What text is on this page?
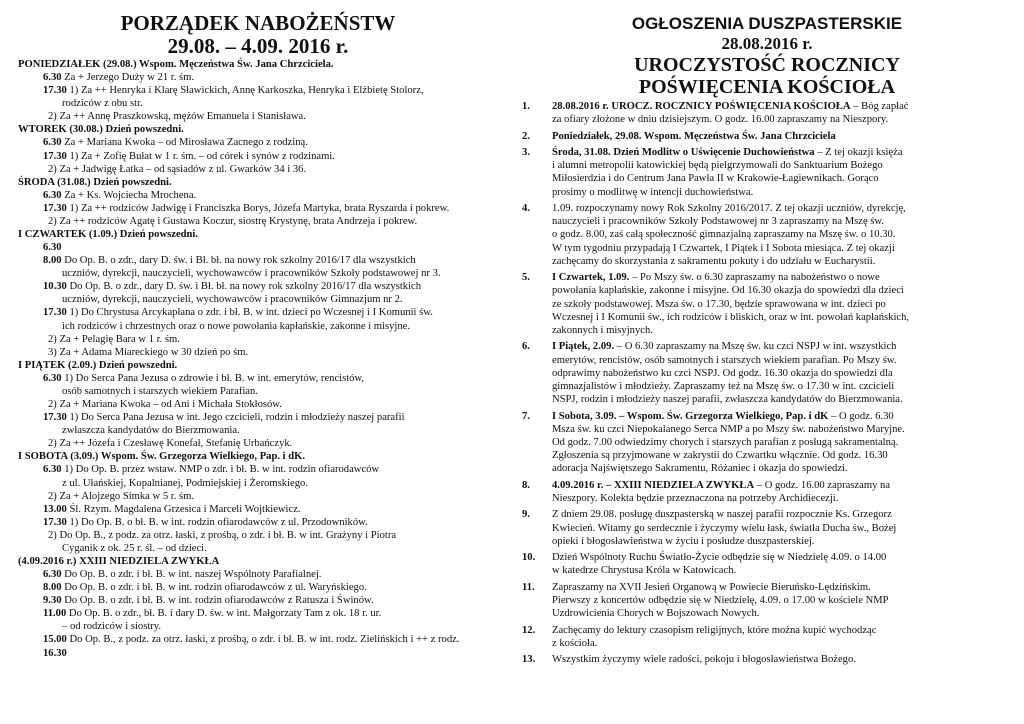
PORZĄDEK NABOŻEŃSTW
29.08. – 4.09. 2016 r.
PONIEDZIAŁEK (29.08.) Wspom. Męczeństwa Św. Jana Chrzciciela.
6.30 Za + Jerzego Duży w 21 r. śm.
17.30 1) Za ++ Henryka i Klarę Sławickich, Annę Karkoszka, Henryka i Elżbietę Stolorz,
rodziców z obu str.
2) Za ++ Annę Praszkowską, mężów Emanuela i Stanisława.
WTOREK (30.08.) Dzień powszedni.
6.30 Za + Mariana Kwoka – od Mirosława Zacnego z rodziną.
17.30 1) Za + Zofię Bułat w 1 r. śm. – od córek i synów z rodzinami.
2) Za + Jadwigę Łatka – od sąsiadów z ul. Gwarków 34 i 36.
ŚRODA (31.08.) Dzień powszedni.
6.30 Za + Ks. Wojciecha Mrochena.
17.30 1) Za ++ rodziców Jadwigę i Franciszka Borys, Józefa Martyka, brata Ryszarda i pokrew.
2) Za ++ rodziców Agatę i Gustawa Koczur, siostrę Krystynę, brata Andrzeja i pokrew.
I CZWARTEK (1.09.) Dzień powszedni.
6.30
8.00 Do Op. B. o zdr., dary D. św. i Bł. bł. na nowy rok szkolny 2016/17 dla wszystkich
uczniów, dyrekcji, nauczycieli, wychowawców i pracowników Szkoły podstawowej nr 3.
10.30 Do Op. B. o zdr., dary D. św. i Bł. bł. na nowy rok szkolny 2016/17 dla wszystkich
uczniów, dyrekcji, nauczycieli, wychowawców i pracowników Gimnazjum nr 2.
17.30 1) Do Chrystusa Arcykapłana o zdr. i bł. B. w int. dzieci po Wczesnej i I Komunii św.
ich rodziców i chrzestnych oraz o nowe powołania kapłańskie, zakonne i misyjne.
2) Za + Pelagię Bara w 1 r. śm.
3) Za + Adama Miareckiego w 30 dzień po śm.
I PIĄTEK (2.09.) Dzień powszedni.
6.30 1) Do Serca Pana Jezusa o zdrowie i bł. B. w int. emerytów, rencistów,
osób samotnych i starszych wiekiem Parafian.
2) Za + Mariana Kwoka – od Ani i Michała Stokłosów.
17.30 1) Do Serca Pana Jezusa w int. Jego czcicieli, rodzin i młodzieży naszej parafii
zwłaszcza kandydatów do Bierzmowania.
2) Za ++ Józefa i Czesławę Konefał, Stefanię Urbańczyk.
I SOBOTA (3.09.) Wspom. Św. Grzegorza Wielkiego, Pap. i dK.
6.30 1) Do Op. B. przez wstaw. NMP o zdr. i bł. B. w int. rodzin ofiarodawców
z ul. Ułańskiej, Kopalnianej, Podmiejskiej i Żeromskiego.
2) Za + Alojzego Simka w 5 r. śm.
13.00 Śl. Rzym. Magdalena Grzesica i Marceli Wojtkiewicz.
17.30 1) Do Op. B. o bł. B. w int. rodzin ofiarodawców z ul. Przodowników.
2) Do Op. B., z podz. za otrz. łaski, z prośbą, o zdr. i bł. B. w int. Grażyny i Piotra
Cyganik z ok. 25 r. śl. – od dzieci.
(4.09.2016 r.) XXIII NIEDZIELA ZWYKŁA
6.30 Do Op. B. o zdr. i bł. B. w int. naszej Wspólnoty Parafialnej.
8.00 Do Op. B. o zdr. i bł. B. w int. rodzin ofiarodawców z ul. Waryńskiego.
9.30 Do Op. B. o zdr. i bł. B. w int. rodzin ofiarodawców z Ratusza i Świnów.
11.00 Do Op. B. o zdr., bł. B. i dary D. św. w int. Małgorzaty Tam z ok. 18 r. ur.
– od rodziców i siostry.
15.00 Do Op. B., z podz. za otrz. łaski, z prośbą, o zdr. i bł. B. w int. rodz. Zielińskich i ++ z rodz.
16.30
OGŁOSZENIA DUSZPASTERSKIE
28.08.2016 r.
UROCZYSTOŚĆ ROCZNICY
POŚWIĘCENIA KOŚCIOŁA
1.	28.08.2016 r. UROCZ. ROCZNICY POŚWIĘCENIA KOŚCIOŁA – Bóg zapłać
za ofiary złożone w dniu dzisiejszym. O godz. 16.00 zapraszamy na Nieszpory.
2.	Poniedziałek, 29.08. Wspom. Męczeństwa Św. Jana Chrzciciela
3.	Środa, 31.08. Dzień Modlitw o Uświęcenie Duchowieństwa – Z tej okazji księża
i alumni metropolii katowickiej będą pielgrzymowali do Sanktuarium Bożego
Miłosierdzia i do Centrum Jana Pawła II w Krakowie-Łagiewnikach. Gorąco
prosimy o modlitwę w intencji duchowieństwa.
4.	1.09. rozpoczynamy nowy Rok Szkolny 2016/2017. Z tej okazji uczniów, dyrekcję,
nauczycieli i pracowników Szkoły Podstawowej nr 3 zapraszamy na Mszę św.
o godz. 8.00, zaś całą społeczność gimnazjalną zapraszamy na Mszę św. o 10.30.
W tym tygodniu przypadają I Czwartek, I Piątek i I Sobota miesiąca. Z tej okazji
zachęcamy do skorzystania z sakramentu pokuty i do udziału w Eucharystii.
5.	I Czwartek, 1.09. – Po Mszy św. o 6.30 zapraszamy na nabożeństwo o nowe
powołania kapłańskie, zakonne i misyjne. Od 16.30 okazja do spowiedzi dla dzieci
ze szkoły podstawowej. Msza św. o 17.30, będzie sprawowana w int. dzieci po
Wczesnej i I Komunii św., ich rodziców i bliskich, oraz w int. powołań kapłańskich,
zakonnych i misyjnych.
6.	I Piątek, 2.09. – O 6.30 zapraszamy na Mszę św. ku czci NSPJ w int. wszystkich
emerytów, rencistów, osób samotnych i starszych wiekiem parafian. Po Mszy św.
odprawimy nabożeństwo ku czci NSPJ. Od godz. 16.30 okazja do spowiedzi dla
gimnazjalistów i młodzieży. Zapraszamy też na Mszę św. o 17.30 w int. czcicieli
NSPJ, rodzin i młodzieży naszej parafii, zwłaszcza kandydatów do Bierzmowania.
7.	I Sobota, 3.09. – Wspom. Św. Grzegorza Wielkiego, Pap. i dK – O godz. 6.30
Msza św. ku czci Niepokalanego Serca NMP a po Mszy św. nabożeństwo Maryjne.
Od godz. 7.00 odwiedzimy chorych i starszych parafian z posługą sakramentalną.
Zgłoszenia są przyjmowane w zakrystii do Czwartku włącznie. Od godz. 16.30
adoracja Najświętszego Sakramentu, Różaniec i okazja do spowiedzi.
8.	4.09.2016 r. – XXIII NIEDZIELA ZWYKŁA – O godz. 16.00 zapraszamy na
Nieszpory. Kolekta będzie przeznaczona na potrzeby Archidiecezji.
9.	Z dniem 29.08. posługę duszpasterską w naszej parafii rozpocznie Ks. Grzegorz
Kwiecień. Witamy go serdecznie i życzymy wielu łask, światła Ducha św., Bożej
opieki i błogosławieństwa w życiu i posłudze duszpasterskiej.
10.	Dzień Wspólnoty Ruchu Światło-Życie odbędzie się w Niedzielę 4.09. o 14.00
w katedrze Chrystusa Króla w Katowicach.
11.	Zapraszamy na XVII Jesień Organową w Powiecie Bieruńsko-Lędzińskim.
Pierwszy z koncertów odbędzie się w Niedzielę, 4.09. o 17.00 w kościele NMP
Uzdrowicienia Chorych w Bojszowach Nowych.
12.	Zachęcamy do lektury czasopism religijnych, które można kupić wychodząc
z kościoła.
13.	Wszystkim życzymy wiele radości, pokoju i błogosławieństwa Bożego.
